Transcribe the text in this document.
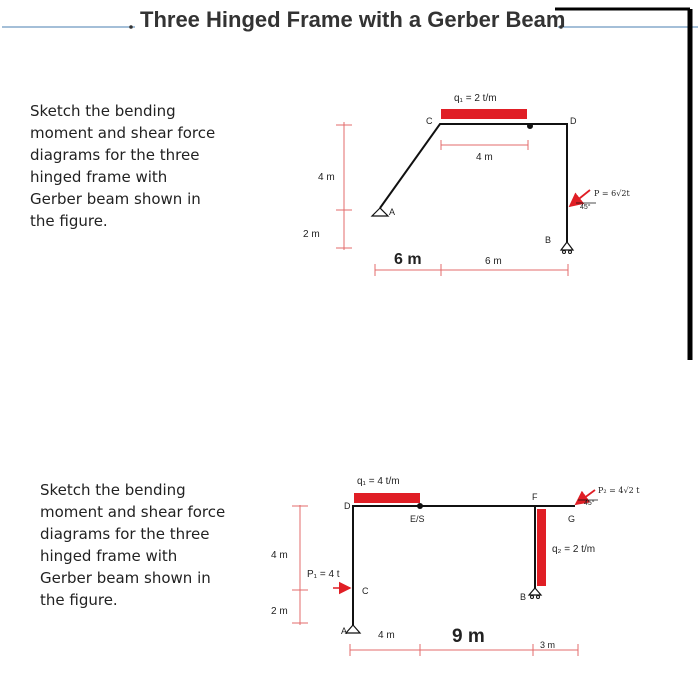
Three Hinged Frame with a Gerber Beam
Sketch the bending
moment and shear force
diagrams for the three
hinged frame with
Gerber beam shown in
the figure.
4 m
2 m
q₁ = 2 t/m
4 m
A
B
C	D
P = 6√2t
45°
6 m	6 m
Sketch the bending
moment and shear force
diagrams for the three
hinged frame with
Gerber beam shown in
the figure.
4 m
2 m
q₁ = 4 t/m
q₂ = 2 t/m
P₁ = 4 t
P₂ = 4√2 t
45°
A
B
C
D
E/S
F
G
4 m	9 m	3 m
